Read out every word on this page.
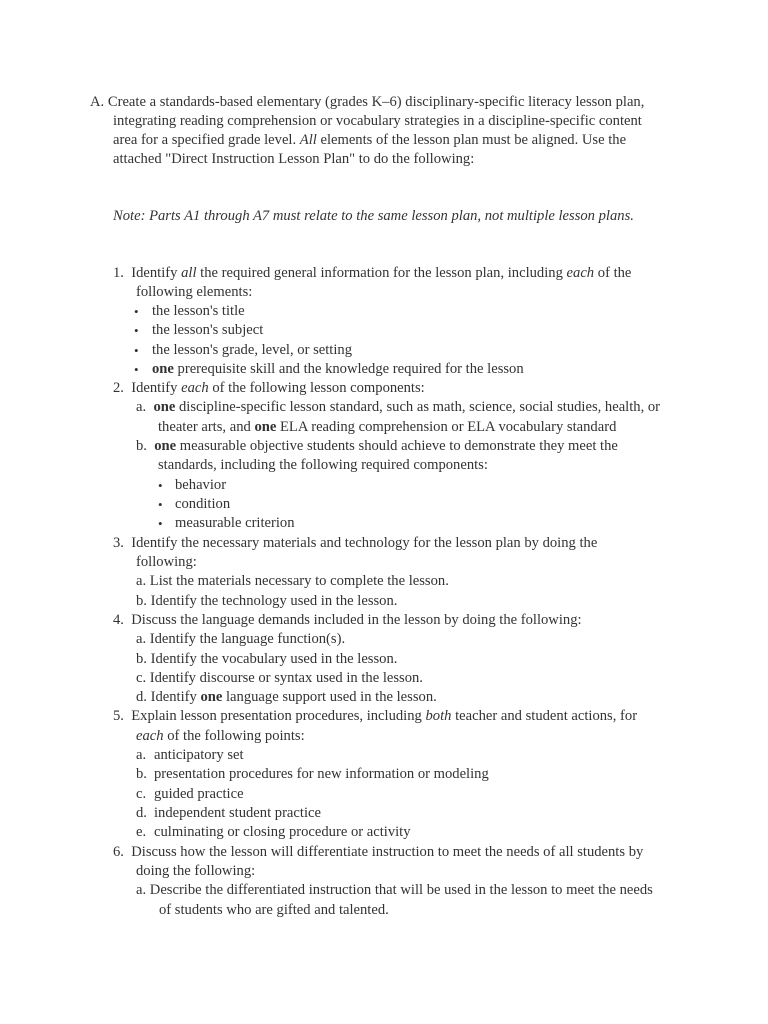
A. Create a standards-based elementary (grades K–6) disciplinary-specific literacy lesson plan,
integrating reading comprehension or vocabulary strategies in a discipline-specific content
area for a specified grade level. All elements of the lesson plan must be aligned. Use the
attached "Direct Instruction Lesson Plan" to do the following:
Note: Parts A1 through A7 must relate to the same lesson plan, not multiple lesson plans.
1. Identify all the required general information for the lesson plan, including each of the
following elements:
• the lesson's title
• the lesson's subject
• the lesson's grade, level, or setting
• one prerequisite skill and the knowledge required for the lesson
2. Identify each of the following lesson components:
a. one discipline-specific lesson standard, such as math, science, social studies, health, or
theater arts, and one ELA reading comprehension or ELA vocabulary standard
b. one measurable objective students should achieve to demonstrate they meet the
standards, including the following required components:
• behavior
• condition
• measurable criterion
3. Identify the necessary materials and technology for the lesson plan by doing the
following:
a. List the materials necessary to complete the lesson.
b. Identify the technology used in the lesson.
4. Discuss the language demands included in the lesson by doing the following:
a. Identify the language function(s).
b. Identify the vocabulary used in the lesson.
c. Identify discourse or syntax used in the lesson.
d. Identify one language support used in the lesson.
5. Explain lesson presentation procedures, including both teacher and student actions, for
each of the following points:
a. anticipatory set
b. presentation procedures for new information or modeling
c. guided practice
d. independent student practice
e. culminating or closing procedure or activity
6. Discuss how the lesson will differentiate instruction to meet the needs of all students by
doing the following:
a. Describe the differentiated instruction that will be used in the lesson to meet the needs
of students who are gifted and talented.
